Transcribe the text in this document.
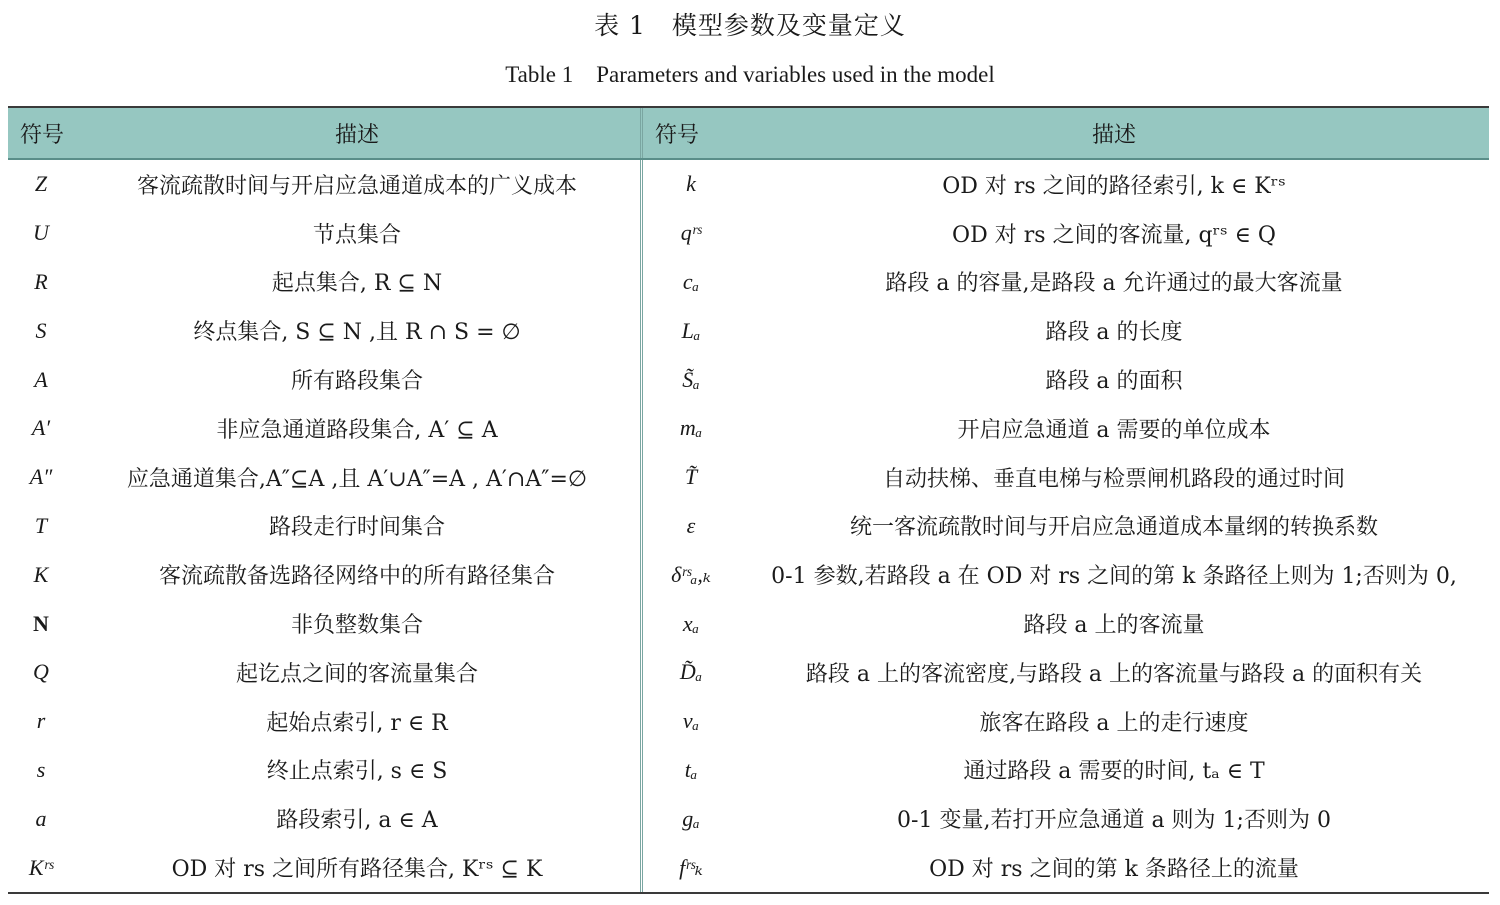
表 1　模型参数及变量定义
Table 1　Parameters and variables used in the model
符号	描述	符号	描述
Z	客流疏散时间与开启应急通道成本的广义成本	k	OD 对 rs 之间的路径索引, k ∈ Kʳˢ
U	节点集合	qʳˢ	OD 对 rs 之间的客流量, qʳˢ ∈ Q
R	起点集合, R ⊆ N	cₐ	路段 a 的容量,是路段 a 允许通过的最大客流量
S	终点集合, S ⊆ N ,且 R ∩ S = ∅	Lₐ	路段 a 的长度
A	所有路段集合	S̃ₐ	路段 a 的面积
A′	非应急通道路段集合, A′ ⊆ A	mₐ	开启应急通道 a 需要的单位成本
A″	应急通道集合,A″⊆A ,且 A′∪A″=A , A′∩A″=∅	T̃	自动扶梯、垂直电梯与检票闸机路段的通过时间
T	路段走行时间集合	ε	统一客流疏散时间与开启应急通道成本量纲的转换系数
K	客流疏散备选路径网络中的所有路径集合	δʳˢₐ,ₖ	0-1 参数,若路段 a 在 OD 对 rs 之间的第 k 条路径上则为 1;否则为 0,
N	非负整数集合	xₐ	路段 a 上的客流量
Q	起讫点之间的客流量集合	D̃ₐ	路段 a 上的客流密度,与路段 a 上的客流量与路段 a 的面积有关
r	起始点索引, r ∈ R	vₐ	旅客在路段 a 上的走行速度
s	终止点索引, s ∈ S	tₐ	通过路段 a 需要的时间, tₐ ∈ T
a	路段索引, a ∈ A	gₐ	0-1 变量,若打开应急通道 a 则为 1;否则为 0
Kʳˢ	OD 对 rs 之间所有路径集合, Kʳˢ ⊆ K	fʳˢₖ	OD 对 rs 之间的第 k 条路径上的流量
